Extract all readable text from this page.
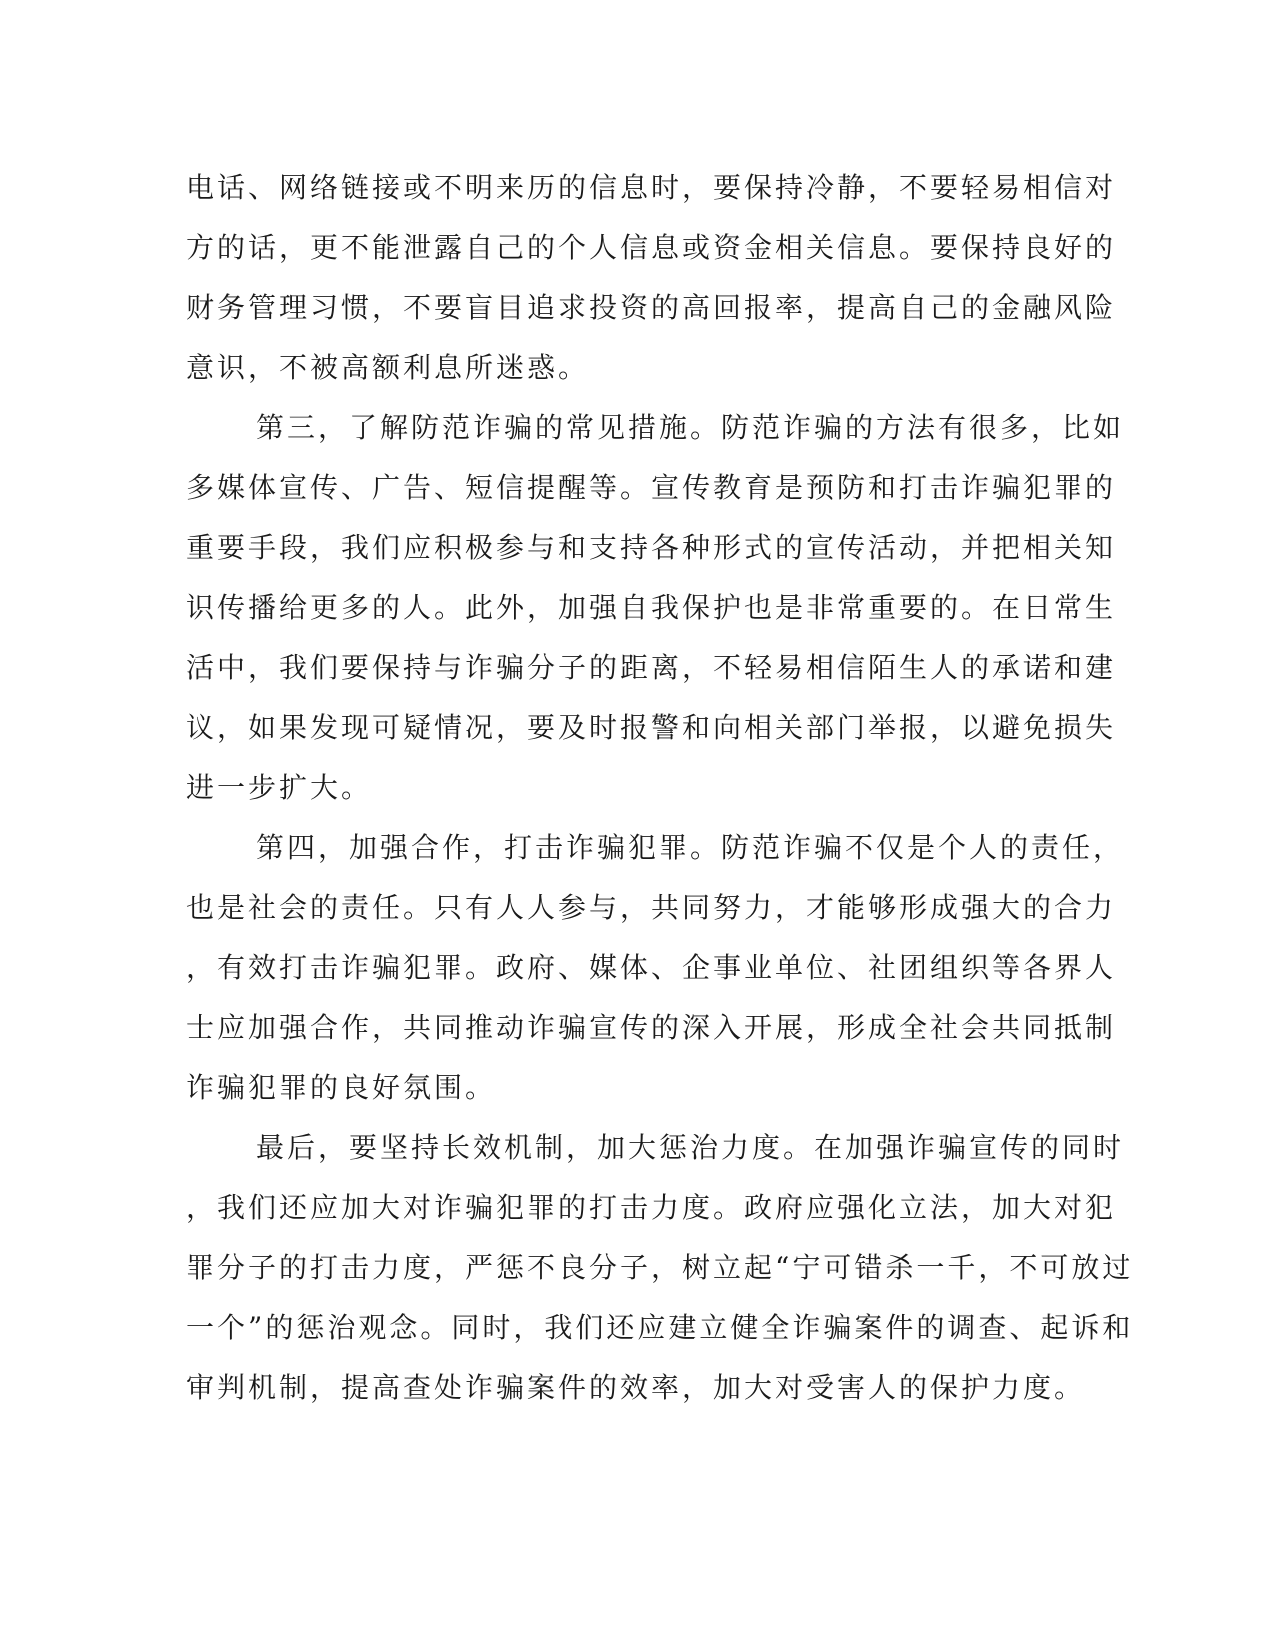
电话、网络链接或不明来历的信息时，要保持冷静，不要轻易相信对
方的话，更不能泄露自己的个人信息或资金相关信息。要保持良好的
财务管理习惯，不要盲目追求投资的高回报率，提高自己的金融风险
意识，不被高额利息所迷惑。
第三，了解防范诈骗的常见措施。防范诈骗的方法有很多，比如
多媒体宣传、广告、短信提醒等。宣传教育是预防和打击诈骗犯罪的
重要手段，我们应积极参与和支持各种形式的宣传活动，并把相关知
识传播给更多的人。此外，加强自我保护也是非常重要的。在日常生
活中，我们要保持与诈骗分子的距离，不轻易相信陌生人的承诺和建
议，如果发现可疑情况，要及时报警和向相关部门举报，以避免损失
进一步扩大。
第四，加强合作，打击诈骗犯罪。防范诈骗不仅是个人的责任，
也是社会的责任。只有人人参与，共同努力，才能够形成强大的合力
，有效打击诈骗犯罪。政府、媒体、企事业单位、社团组织等各界人
士应加强合作，共同推动诈骗宣传的深入开展，形成全社会共同抵制
诈骗犯罪的良好氛围。
最后，要坚持长效机制，加大惩治力度。在加强诈骗宣传的同时
，我们还应加大对诈骗犯罪的打击力度。政府应强化立法，加大对犯
罪分子的打击力度，严惩不良分子，树立起“宁可错杀一千，不可放过
一个”的惩治观念。同时，我们还应建立健全诈骗案件的调查、起诉和
审判机制，提高查处诈骗案件的效率，加大对受害人的保护力度。
